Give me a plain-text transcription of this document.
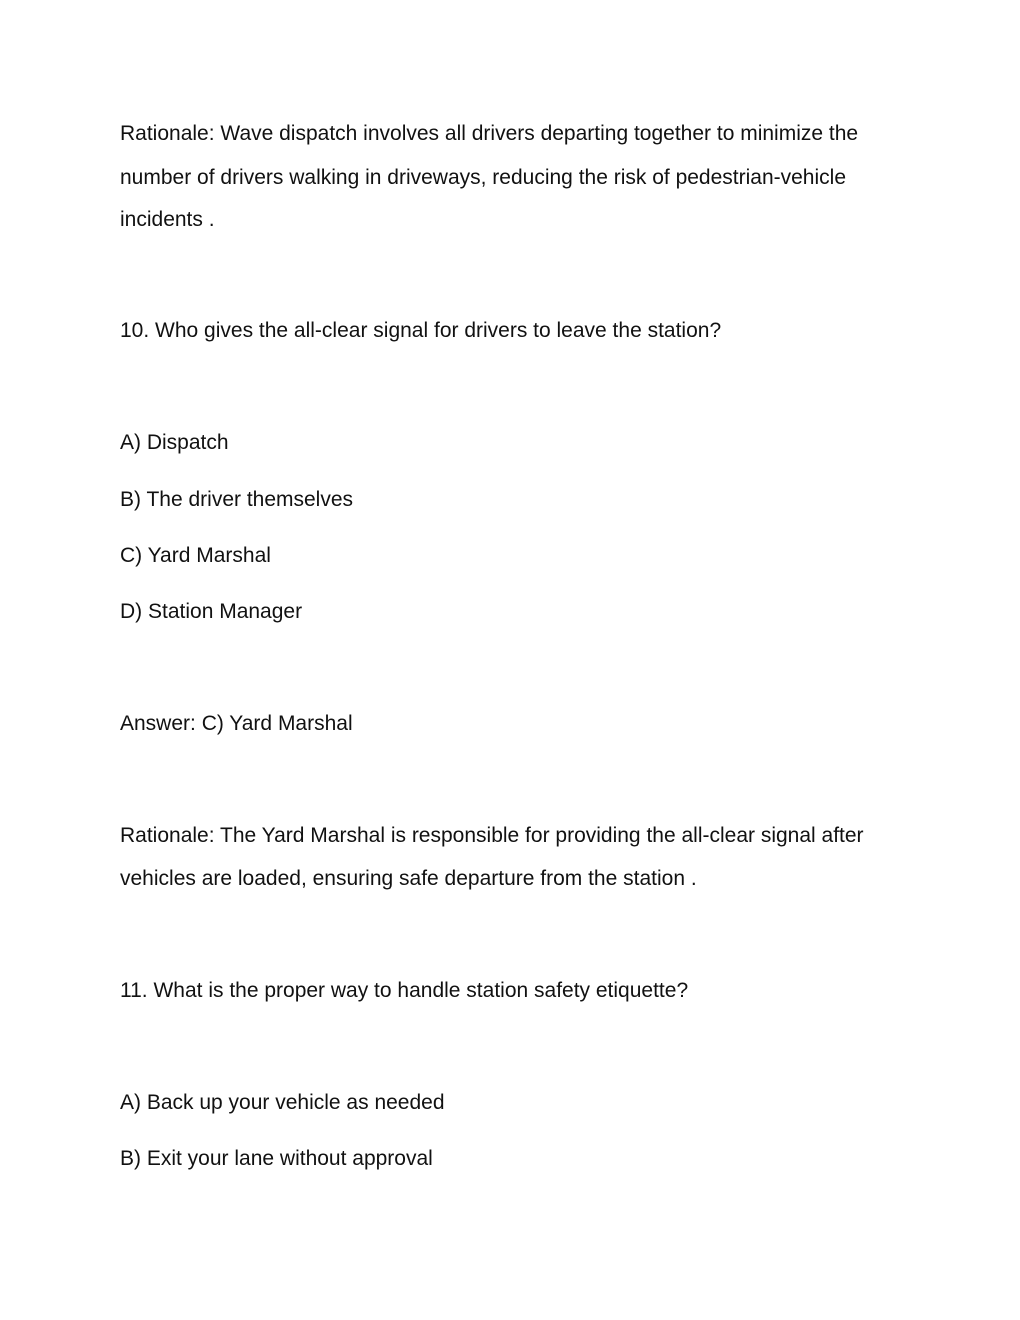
Rationale: Wave dispatch involves all drivers departing together to minimize the
number of drivers walking in driveways, reducing the risk of pedestrian-vehicle
incidents .
10. Who gives the all-clear signal for drivers to leave the station?
A) Dispatch
B) The driver themselves
C) Yard Marshal
D) Station Manager
Answer: C) Yard Marshal
Rationale: The Yard Marshal is responsible for providing the all-clear signal after
vehicles are loaded, ensuring safe departure from the station .
11. What is the proper way to handle station safety etiquette?
A) Back up your vehicle as needed
B) Exit your lane without approval
